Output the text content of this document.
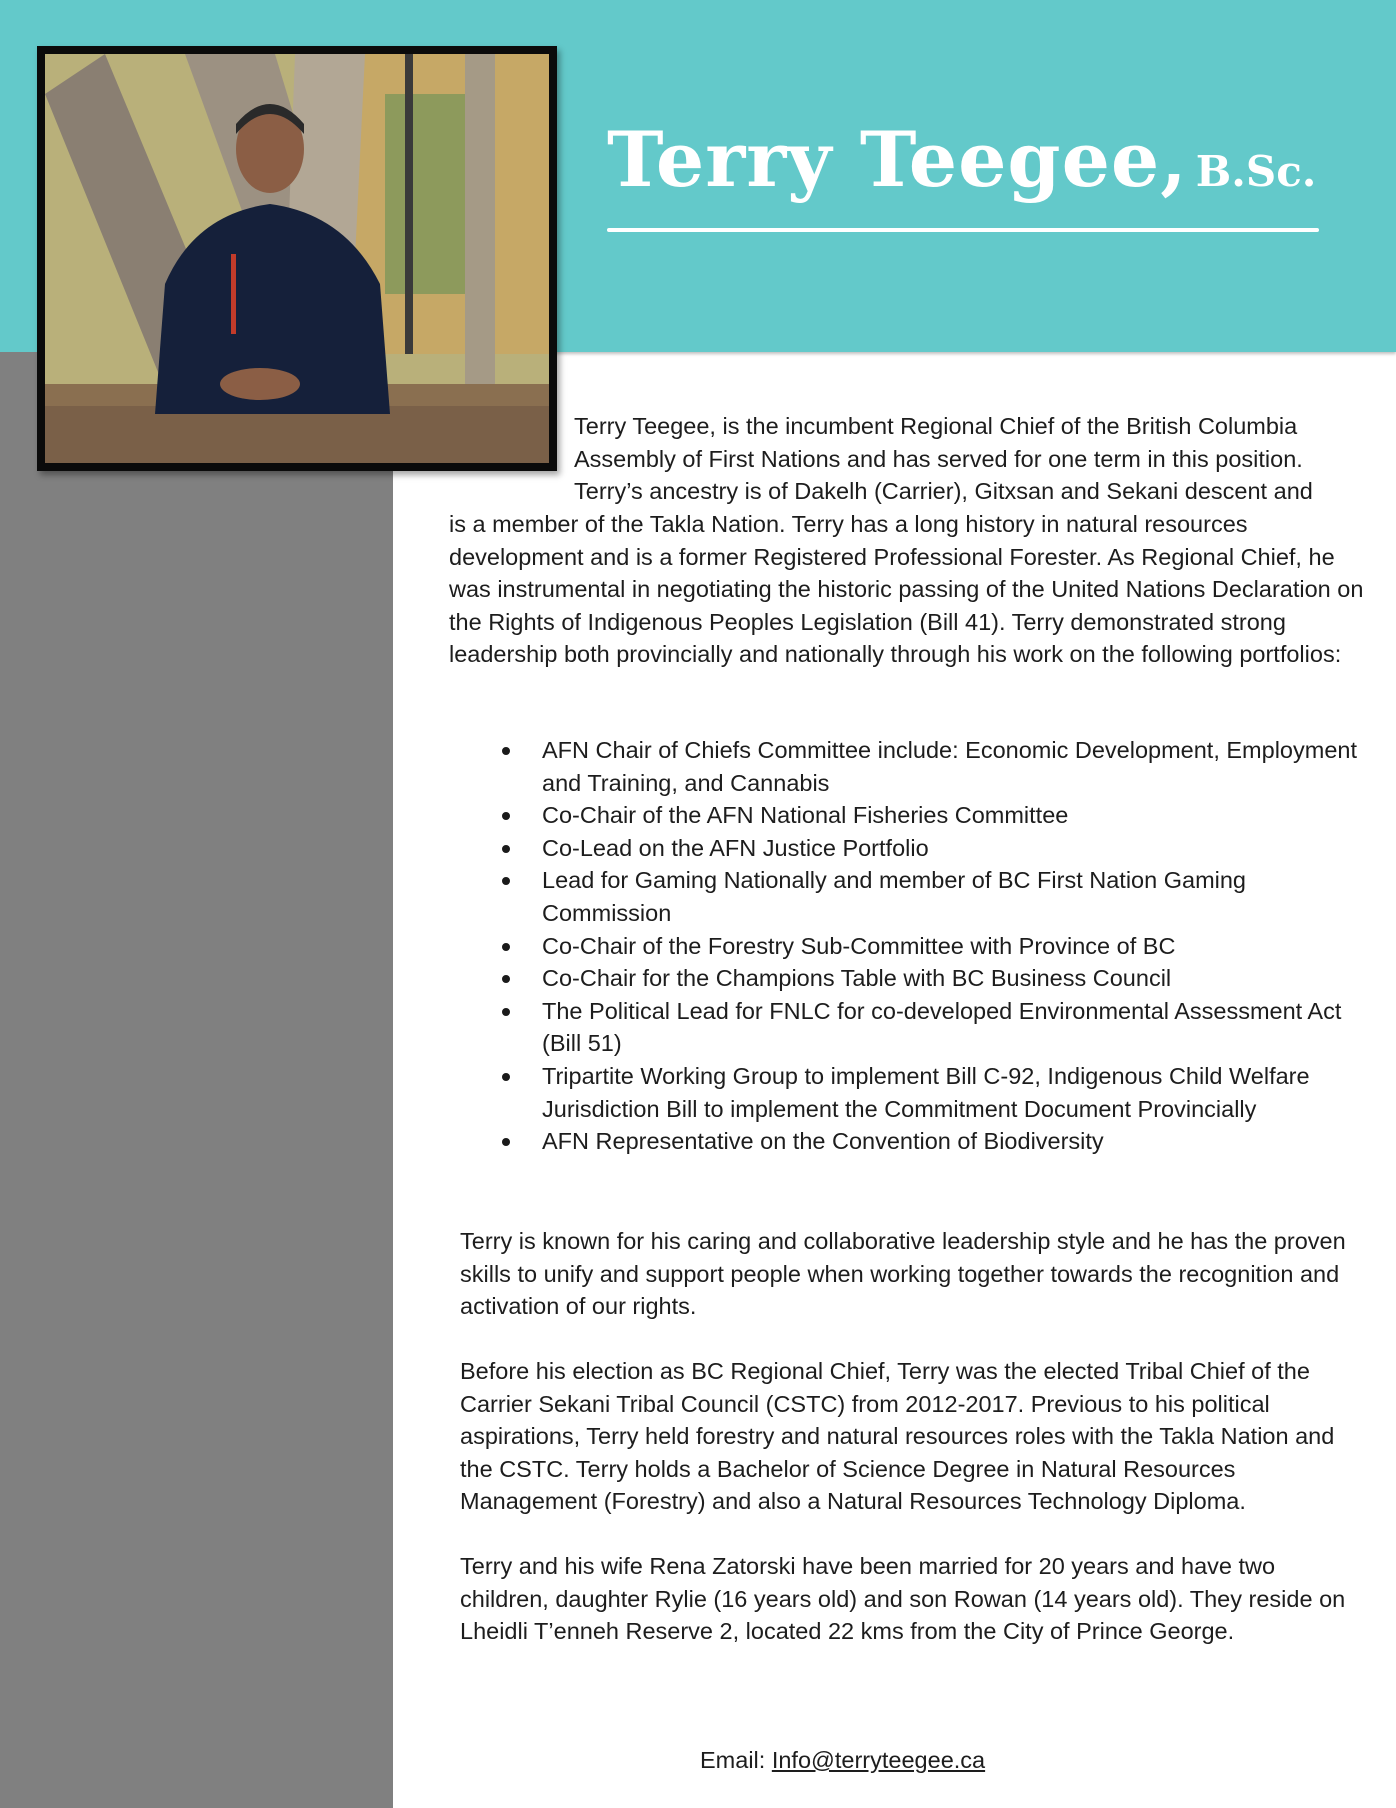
Terry Teegee, B.Sc.

Terry Teegee, is the incumbent Regional Chief of the British Columbia

Assembly of First Nations and has served for one term in this position.

Terry’s ancestry is of Dakelh (Carrier), Gitxsan and Sekani descent and

is a member of the Takla Nation. Terry has a long history in natural resources development and is a former Registered Professional Forester. As Regional Chief, he was instrumental in negotiating the historic passing of the United Nations Declaration on the Rights of Indigenous Peoples Legislation (Bill 41). Terry demonstrated strong leadership both provincially and nationally through his work on the following portfolios:

AFN Chair of Chiefs Committee include: Economic Development, Employment and Training, and Cannabis
Co-Chair of the AFN National Fisheries Committee
Co-Lead on the AFN Justice Portfolio
Lead for Gaming Nationally and member of BC First Nation Gaming Commission
Co-Chair of the Forestry Sub-Committee with Province of BC
Co-Chair for the Champions Table with BC Business Council
The Political Lead for FNLC for co-developed Environmental Assessment Act (Bill 51)
Tripartite Working Group to implement Bill C-92, Indigenous Child Welfare Jurisdiction Bill to implement the Commitment Document Provincially
AFN Representative on the Convention of Biodiversity

Terry is known for his caring and collaborative leadership style and he has the proven skills to unify and support people when working together towards the recognition and activation of our rights.

Before his election as BC Regional Chief, Terry was the elected Tribal Chief of the Carrier Sekani Tribal Council (CSTC) from 2012-2017. Previous to his political aspirations, Terry held forestry and natural resources roles with the Takla Nation and the CSTC. Terry holds a Bachelor of Science Degree in Natural Resources Management (Forestry) and also a Natural Resources Technology Diploma.

Terry and his wife Rena Zatorski have been married for 20 years and have two children, daughter Rylie (16 years old) and son Rowan (14 years old). They reside on Lheidli T’enneh Reserve 2, located 22 kms from the City of Prince George.

Email: Info@terryteegee.ca
